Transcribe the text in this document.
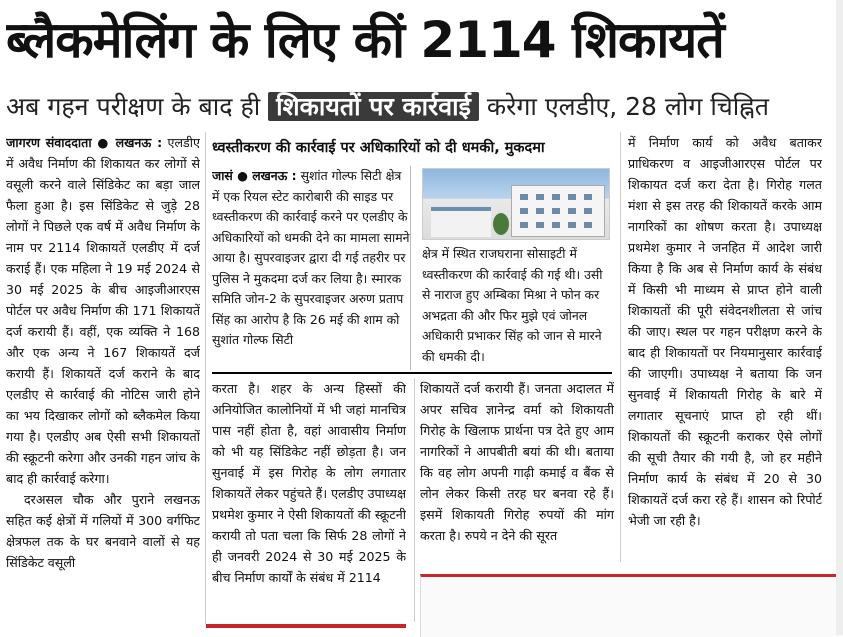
ब्लैकमेलिंग के लिए कीं 2114 शिकायतें
अब गहन परीक्षण के बाद ही शिकायतों पर कार्रवाई करेगा एलडीए, 28 लोग चिह्नित

जागरण संवाददाता ● लखनऊ : एलडीए में अवैध निर्माण की शिकायत कर लोगों से वसूली करने वाले सिंडिकेट का बड़ा जाल फैला हुआ है। इस सिंडिकेट से जुड़े 28 लोगों ने पिछले एक वर्ष में अवैध निर्माण के नाम पर 2114 शिकायतें एलडीए में दर्ज कराई हैं। एक महिला ने 19 मई 2024 से 30 मई 2025 के बीच आइजीआरएस पोर्टल पर अवैध निर्माण की 171 शिकायतें दर्ज करायी हैं। वहीं, एक व्यक्ति ने 168 और एक अन्य ने 167 शिकायतें दर्ज करायी हैं। शिकायतें दर्ज कराने के बाद एलडीए से कार्रवाई की नोटिस जारी होने का भय दिखाकर लोगों को ब्लैकमेल किया गया है। एलडीए अब ऐसी सभी शिकायतों की स्क्रूटनी करेगा और उनकी गहन जांच के बाद ही कार्रवाई करेगा।

दरअसल चौक और पुराने लखनऊ सहित कई क्षेत्रों में गलियों में 300 वर्गफिट क्षेत्रफल तक के घर बनवाने वालों से यह सिंडिकेट वसूली

ध्वस्तीकरण की कार्रवाई पर अधिकारियों को दी धमकी, मुकदमा
जासं ● लखनऊ : सुशांत गोल्फ सिटी क्षेत्र में एक रियल स्टेट कारोबारी की साइड पर ध्वस्तीकरण की कार्रवाई करने पर एलडीए के अधिकारियों को धमकी देने का मामला सामने आया है। सुपरवाइजर द्वारा दी गई तहरीर पर पुलिस ने मुकदमा दर्ज कर लिया है। स्मारक समिति जोन-2 के सुपरवाइजर अरुण प्रताप सिंह का आरोप है कि 26 मई की शाम को सुशांत गोल्फ सिटी
क्षेत्र में स्थित राजघराना सोसाइटी में ध्वस्तीकरण की कार्रवाई की गई थी। उसी से नाराज हुए अम्बिका मिश्रा ने फोन कर अभद्रता की और फिर मुझे एवं जोनल अधिकारी प्रभाकर सिंह को जान से मारने की धमकी दी।
करता है। शहर के अन्य हिस्सों की अनियोजित कालोनियों में भी जहां मानचित्र पास नहीं होता है, वहां आवासीय निर्माण को भी यह सिंडिकेट नहीं छोड़ता है। जन सुनवाई में इस गिरोह के लोग लगातार शिकायतें लेकर पहुंचते हैं। एलडीए उपाध्यक्ष प्रथमेश कुमार ने ऐसी शिकायतों की स्क्रूटनी करायी तो पता चला कि सिर्फ 28 लोगों ने ही जनवरी 2024 से 30 मई 2025 के बीच निर्माण कार्यों के संबंध में 2114
शिकायतें दर्ज करायी हैं। जनता अदालत में अपर सचिव ज्ञानेन्द्र वर्मा को शिकायती गिरोह के खिलाफ प्रार्थना पत्र देते हुए आम नागरिकों ने आपबीती बयां की थी। बताया कि वह लोग अपनी गाढ़ी कमाई व बैंक से लोन लेकर किसी तरह घर बनवा रहे हैं। इसमें शिकायती गिरोह रुपयों की मांग करता है। रुपये न देने की सूरत
में निर्माण कार्य को अवैध बताकर प्राधिकरण व आइजीआरएस पोर्टल पर शिकायत दर्ज करा देता है। गिरोह गलत मंशा से इस तरह की शिकायतें करके आम नागरिकों का शोषण करता है। उपाध्यक्ष प्रथमेश कुमार ने जनहित में आदेश जारी किया है कि अब से निर्माण कार्य के संबंध में किसी भी माध्यम से प्राप्त होने वाली शिकायतों की पूरी संवेदनशीलता से जांच की जाए। स्थल पर गहन परीक्षण करने के बाद ही शिकायतों पर नियमानुसार कार्रवाई की जाएगी। उपाध्यक्ष ने बताया कि जन सुनवाई में शिकायती गिरोह के बारे में लगातार सूचनाएं प्राप्त हो रही थीं। शिकायतों की स्क्रूटनी कराकर ऐसे लोगों की सूची तैयार की गयी है, जो हर महीने निर्माण कार्य के संबंध में 20 से 30 शिकायतें दर्ज करा रहे हैं। शासन को रिपोर्ट भेजी जा रही है।
